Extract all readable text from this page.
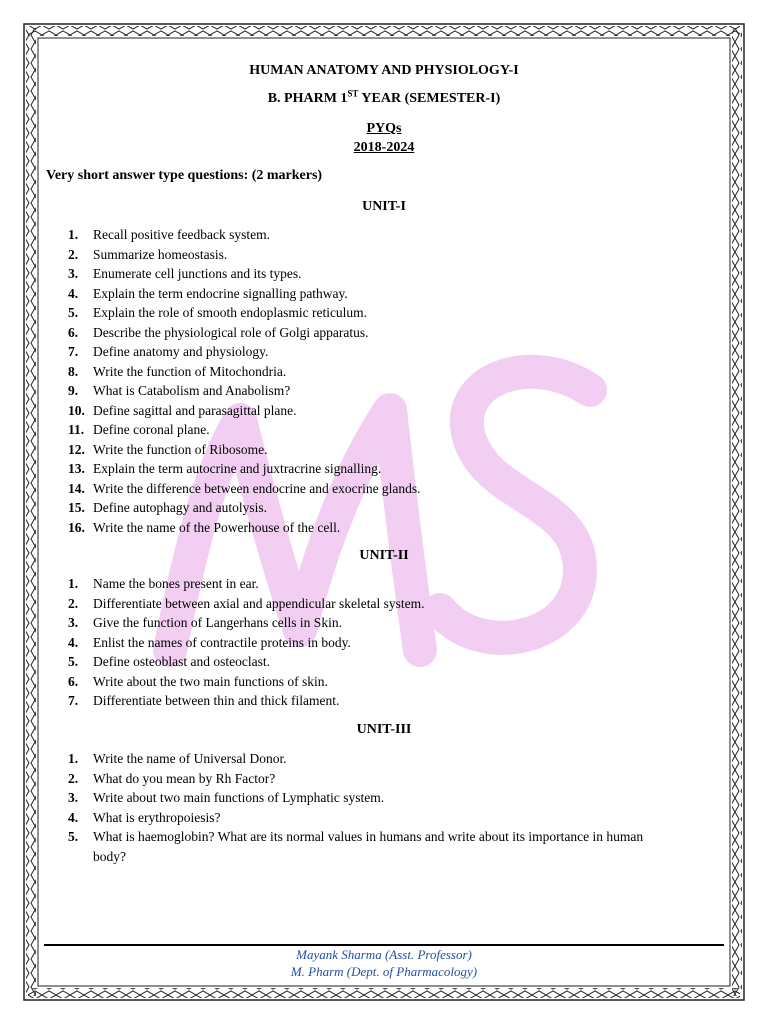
HUMAN ANATOMY AND PHYSIOLOGY-I
B. PHARM 1ST YEAR (SEMESTER-I)
PYQs
2018-2024
Very short answer type questions: (2 markers)
UNIT-I
1. Recall positive feedback system.
2. Summarize homeostasis.
3. Enumerate cell junctions and its types.
4. Explain the term endocrine signalling pathway.
5. Explain the role of smooth endoplasmic reticulum.
6. Describe the physiological role of Golgi apparatus.
7. Define anatomy and physiology.
8. Write the function of Mitochondria.
9. What is Catabolism and Anabolism?
10. Define sagittal and parasagittal plane.
11. Define coronal plane.
12. Write the function of Ribosome.
13. Explain the term autocrine and juxtracrine signalling.
14. Write the difference between endocrine and exocrine glands.
15. Define autophagy and autolysis.
16. Write the name of the Powerhouse of the cell.
UNIT-II
1. Name the bones present in ear.
2. Differentiate between axial and appendicular skeletal system.
3. Give the function of Langerhans cells in Skin.
4. Enlist the names of contractile proteins in body.
5. Define osteoblast and osteoclast.
6. Write about the two main functions of skin.
7. Differentiate between thin and thick filament.
UNIT-III
1. Write the name of Universal Donor.
2. What do you mean by Rh Factor?
3. Write about two main functions of Lymphatic system.
4. What is erythropoiesis?
5. What is haemoglobin? What are its normal values in humans and write about its importance in human body?
Mayank Sharma (Asst. Professor)
M. Pharm (Dept. of Pharmacology)
